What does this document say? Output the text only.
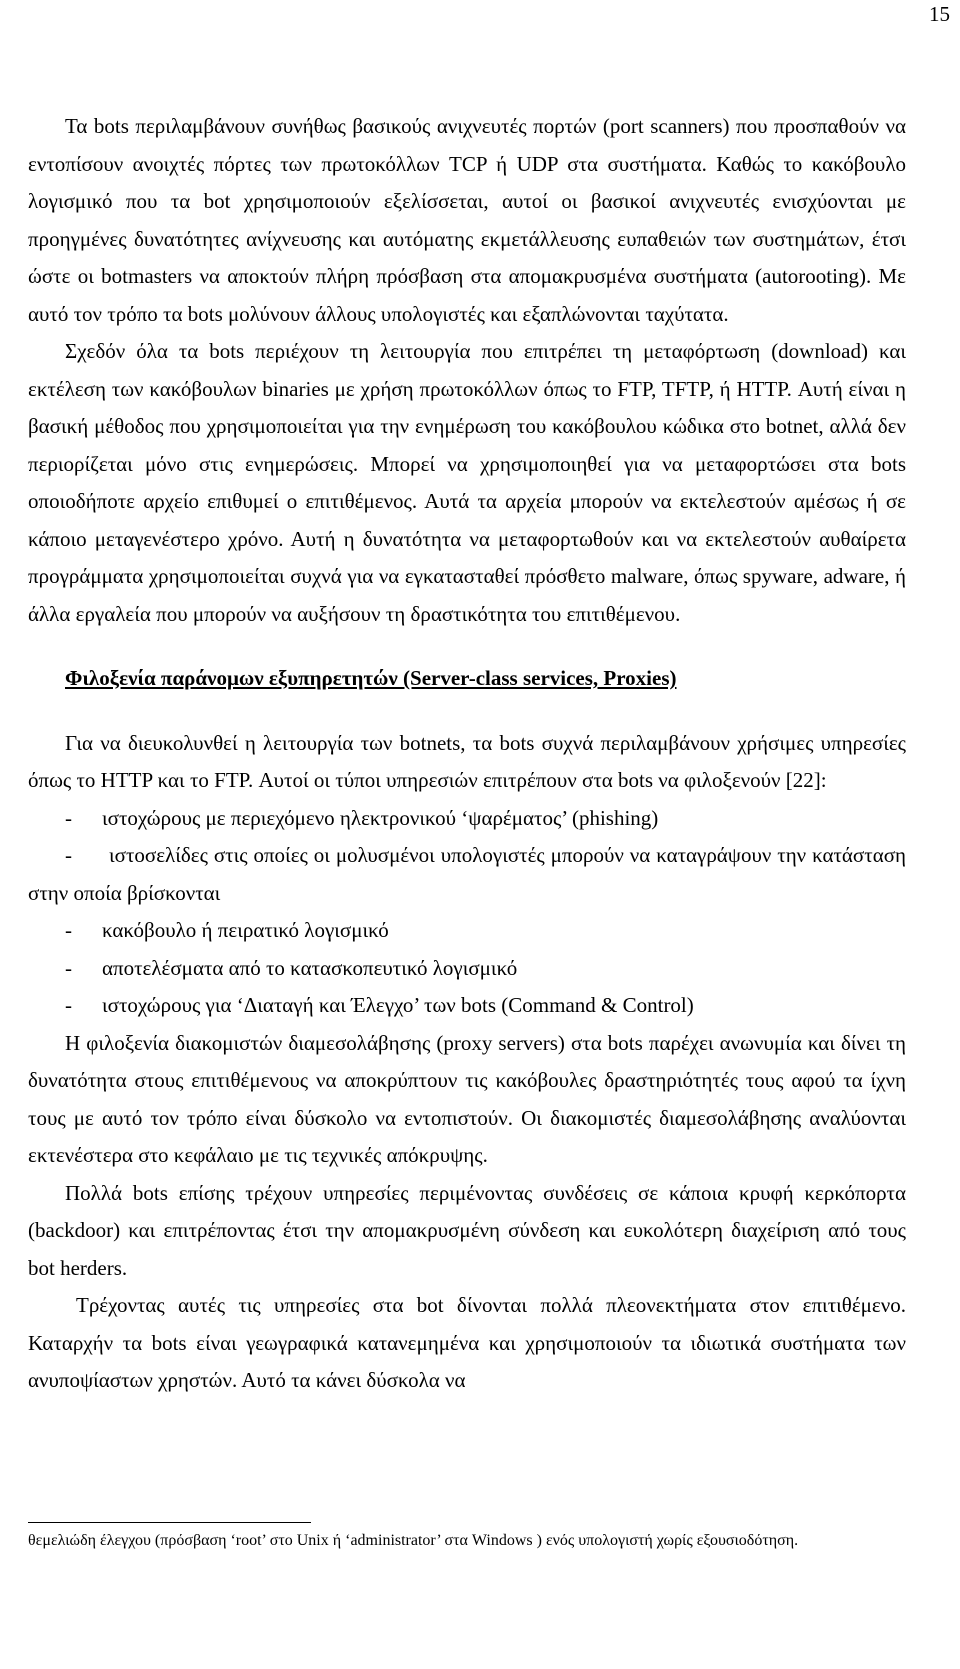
15

Τα bots περιλαμβάνουν συνήθως βασικούς ανιχνευτές πορτών (port scanners) που προσπαθούν να εντοπίσουν ανοιχτές πόρτες των πρωτοκόλλων TCP ή UDP στα συστήματα. Καθώς το κακόβουλο λογισμικό που τα bot χρησιμοποιούν εξελίσσεται, αυτοί οι βασικοί ανιχνευτές ενισχύονται με προηγμένες δυνατότητες ανίχνευσης και αυτόματης εκμετάλλευσης ευπαθειών των συστημάτων, έτσι ώστε οι botmasters να αποκτούν πλήρη πρόσβαση στα απομακρυσμένα συστήματα (autorooting). Με αυτό τον τρόπο τα bots μολύνουν άλλους υπολογιστές και εξαπλώνονται ταχύτατα.

Σχεδόν όλα τα bots περιέχουν τη λειτουργία που επιτρέπει τη μεταφόρτωση (download) και εκτέλεση των κακόβουλων binaries με χρήση πρωτοκόλλων όπως το FTP, TFTP, ή HTTP. Αυτή είναι η βασική μέθοδος που χρησιμοποιείται για την ενημέρωση του κακόβουλου κώδικα στο botnet, αλλά δεν περιορίζεται μόνο στις ενημερώσεις. Μπορεί να χρησιμοποιηθεί για να μεταφορτώσει στα bots οποιοδήποτε αρχείο επιθυμεί ο επιτιθέμενος. Αυτά τα αρχεία μπορούν να εκτελεστούν αμέσως ή σε κάποιο μεταγενέστερο χρόνο. Αυτή η δυνατότητα να μεταφορτωθούν και να εκτελεστούν αυθαίρετα προγράμματα χρησιμοποιείται συχνά για να εγκατασταθεί πρόσθετο malware, όπως spyware, adware, ή άλλα εργαλεία που μπορούν να αυξήσουν τη δραστικότητα του επιτιθέμενου.

Φιλοξενία παράνομων εξυπηρετητών (Server-class services, Proxies)

Για να διευκολυνθεί η λειτουργία των botnets, τα bots συχνά περιλαμβάνουν χρήσιμες υπηρεσίες όπως το HTTP και το FTP. Αυτοί οι τύποι υπηρεσιών επιτρέπουν στα bots να φιλοξενούν [22]:

-	ιστοχώρους με περιεχόμενο ηλεκτρονικού ‘ψαρέματος’ (phishing)

- ιστοσελίδες στις οποίες οι μολυσμένοι υπολογιστές μπορούν να καταγράψουν την κατάσταση στην οποία βρίσκονται

-	κακόβουλο ή πειρατικό λογισμικό
-	αποτελέσματα από το κατασκοπευτικό λογισμικό
-	ιστοχώρους για ‘Διαταγή και Έλεγχο’ των bots (Command & Control)

Η φιλοξενία διακομιστών διαμεσολάβησης (proxy servers) στα bots παρέχει ανωνυμία και δίνει τη δυνατότητα στους επιτιθέμενους να αποκρύπτουν τις κακόβουλες δραστηριότητές τους αφού τα ίχνη τους με αυτό τον τρόπο είναι δύσκολο να εντοπιστούν. Οι διακομιστές διαμεσολάβησης αναλύονται εκτενέστερα στο κεφάλαιο με τις τεχνικές απόκρυψης.

Πολλά bots επίσης τρέχουν υπηρεσίες περιμένοντας συνδέσεις σε κάποια κρυφή κερκόπορτα (backdoor) και επιτρέποντας έτσι την απομακρυσμένη σύνδεση και ευκολότερη διαχείριση από τους bot herders.

Τρέχοντας αυτές τις υπηρεσίες στα bot δίνονται πολλά πλεονεκτήματα στον επιτιθέμενο. Καταρχήν τα bots είναι γεωγραφικά κατανεμημένα και χρησιμοποιούν τα ιδιωτικά συστήματα των ανυποψίαστων χρηστών. Αυτό τα κάνει δύσκολα να

θεμελιώδη έλεγχου (πρόσβαση ‘root’ στο Unix ή ‘administrator’ στα Windows ) ενός υπολογιστή χωρίς εξουσιοδότηση.
